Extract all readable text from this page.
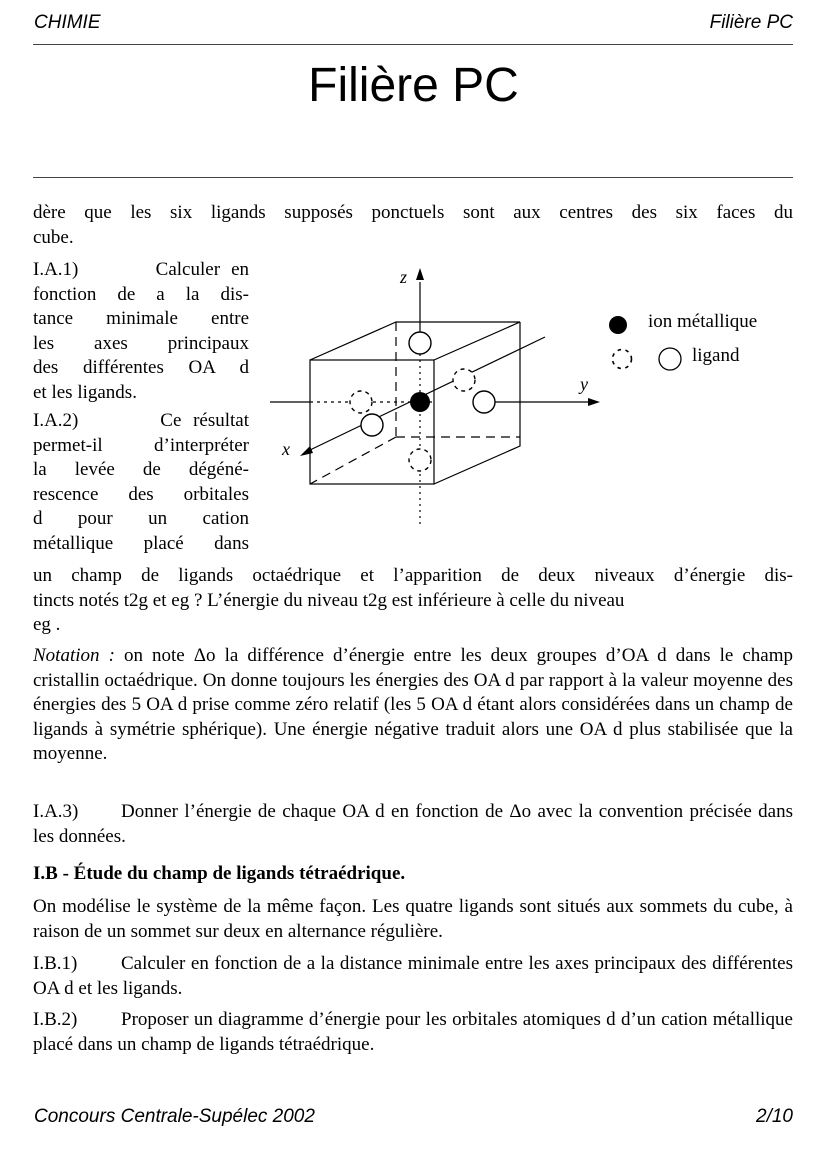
CHIMIE	Filière PC
Filière PC
dère que les six ligands supposés ponctuels sont aux centres des six faces du
cube.
I.A.1)	Calculer en
fonction de a la dis-
tance minimale entre
les axes principaux
des différentes OA d
et les ligands.
I.A.2)	Ce résultat
permet-il d’interpréter
la levée de dégéné-
rescence des orbitales
d pour un cation
métallique placé dans
z
y
x
ion métallique
ligand
un champ de ligands octaédrique et l’apparition de deux niveaux d’énergie dis-
tincts notés t2g et eg ? L’énergie du niveau t2g est inférieure à celle du niveau
eg .
Notation : on note Δo la différence d’énergie entre les deux groupes d’OA d dans le champ cristallin octaédrique. On donne toujours les énergies des OA d par rapport à la valeur moyenne des énergies des 5 OA d prise comme zéro relatif (les 5 OA d étant alors considérées dans un champ de ligands à symétrie sphérique). Une énergie négative traduit alors une OA d plus stabilisée que la moyenne.
I.A.3) Donner l’énergie de chaque OA d en fonction de Δo avec la convention précisée dans les données.
I.B - Étude du champ de ligands tétraédrique.
On modélise le système de la même façon. Les quatre ligands sont situés aux sommets du cube, à raison de un sommet sur deux en alternance régulière.
I.B.1) Calculer en fonction de a la distance minimale entre les axes principaux des différentes OA d et les ligands.
I.B.2) Proposer un diagramme d’énergie pour les orbitales atomiques d d’un cation métallique placé dans un champ de ligands tétraédrique.
Concours Centrale-Supélec 2002	2/10
